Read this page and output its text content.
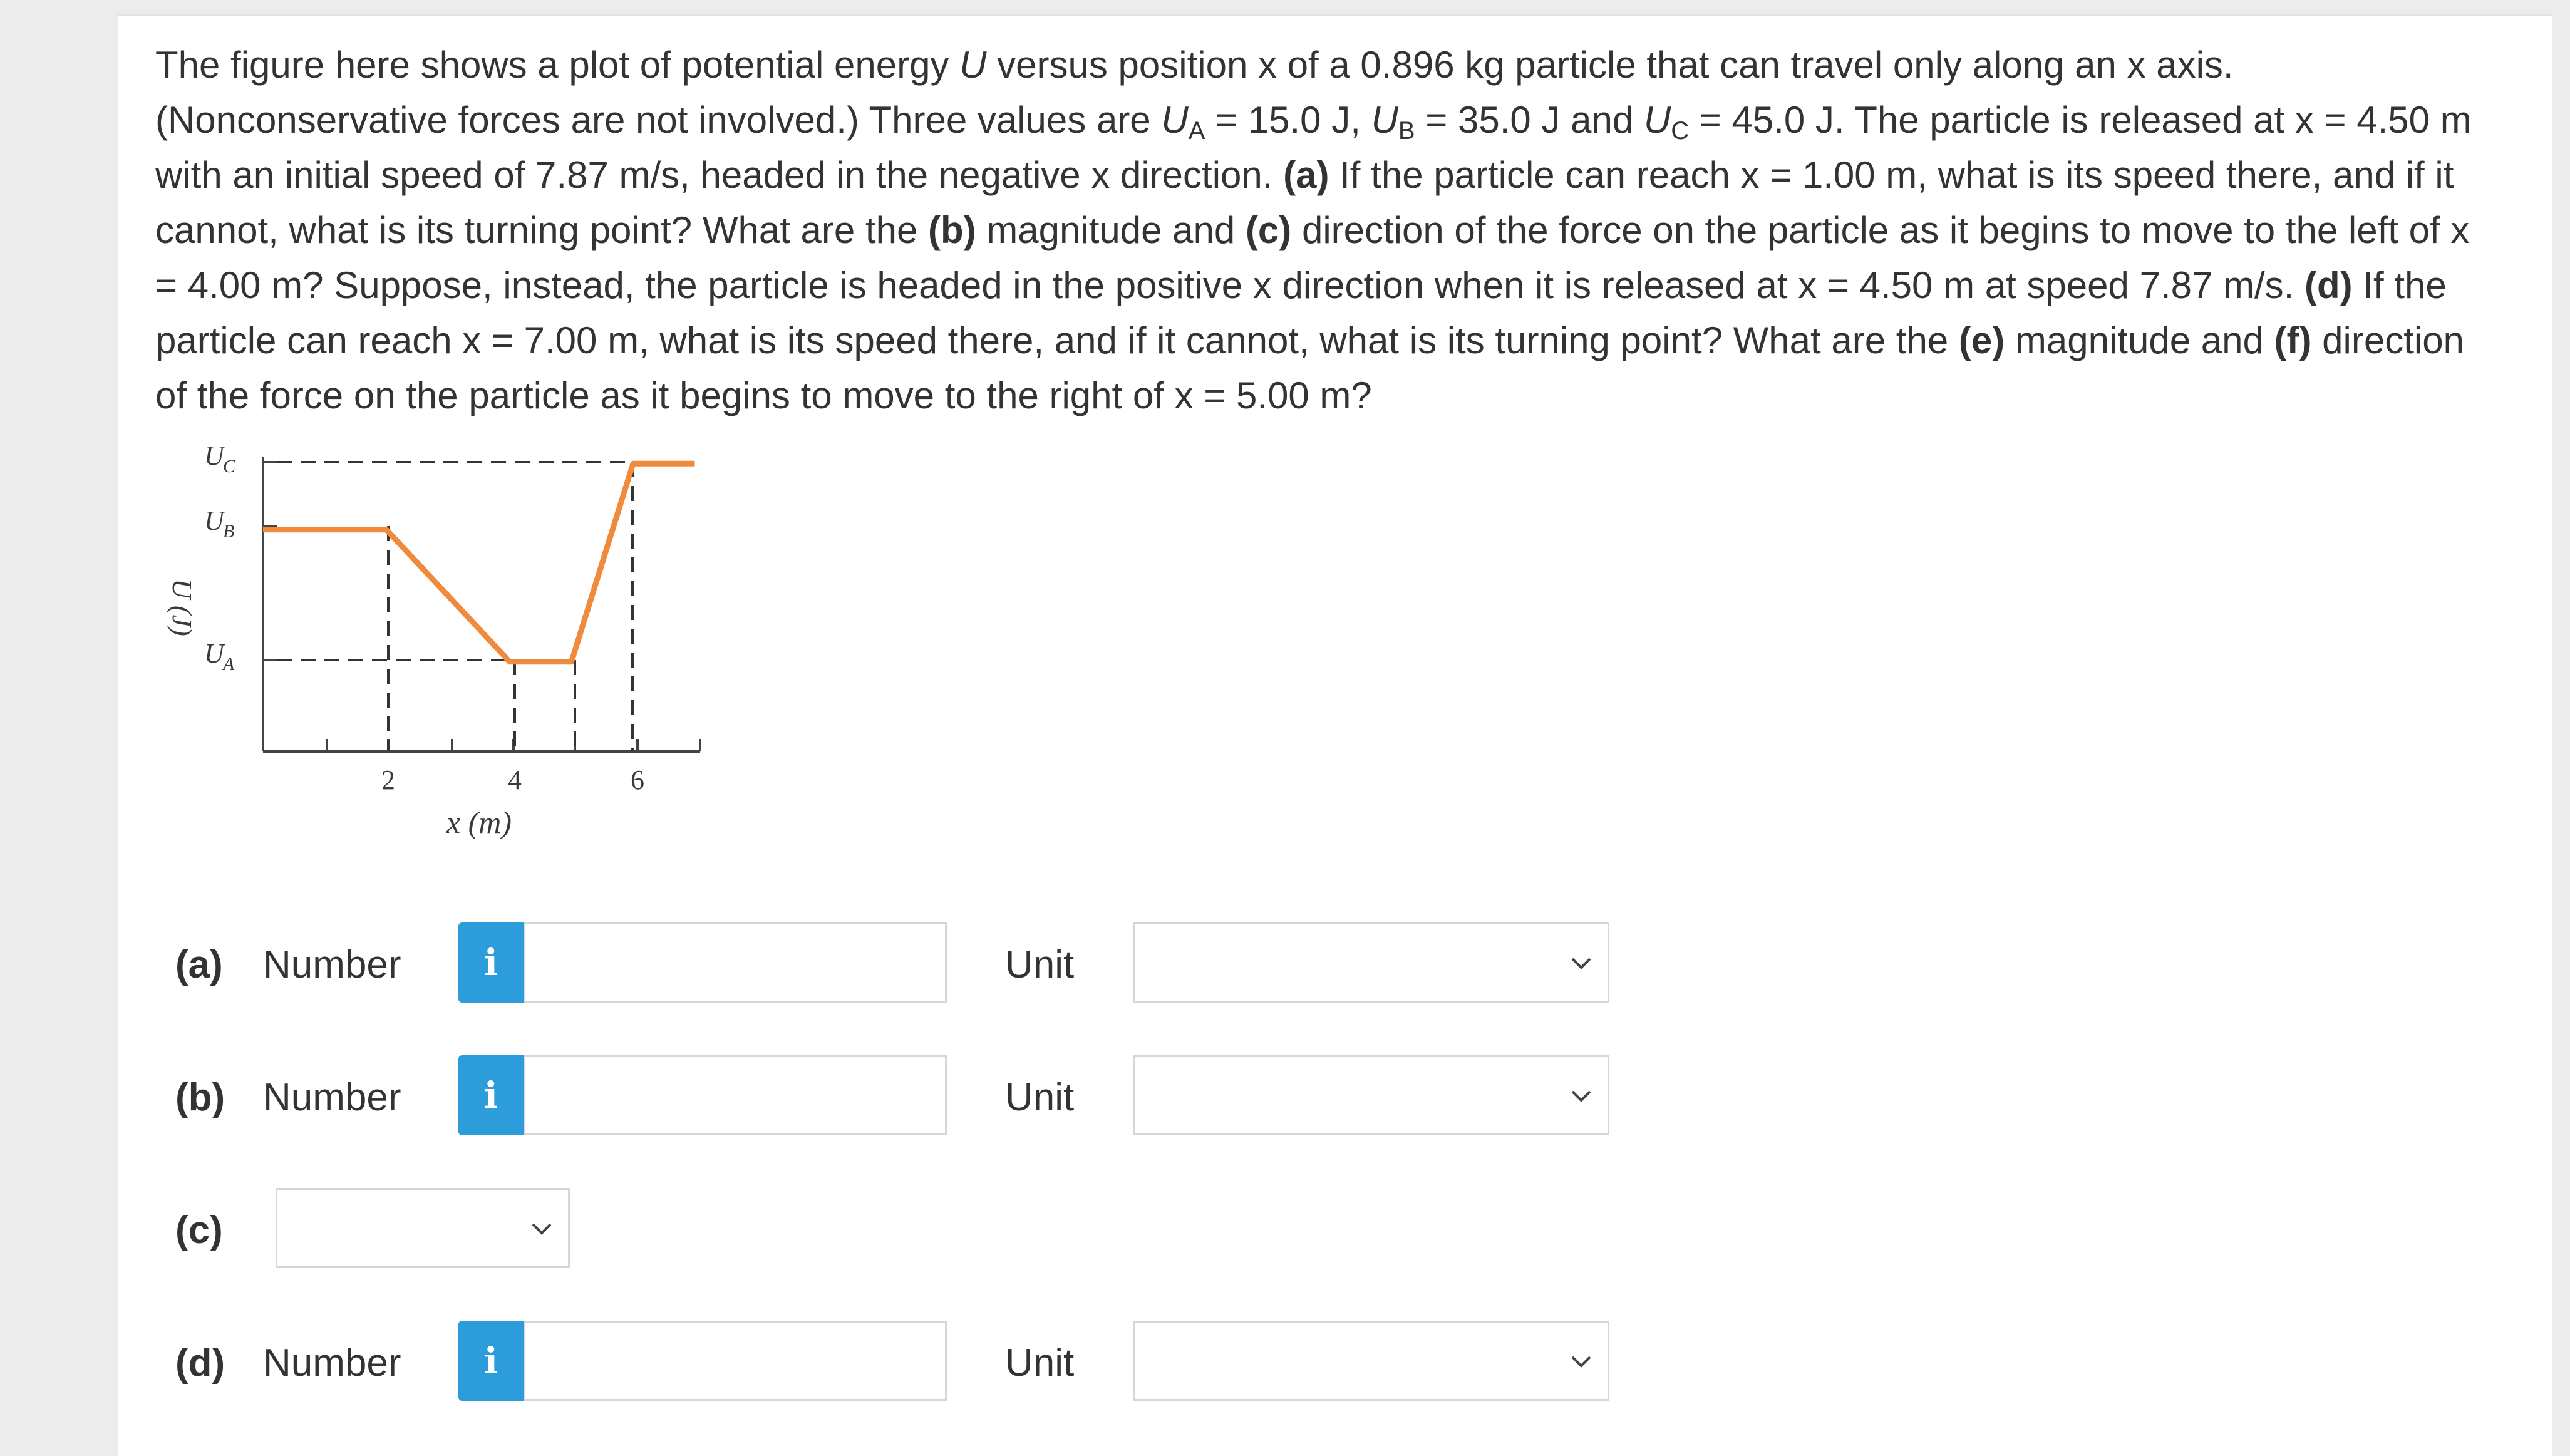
The figure here shows a plot of potential energy U versus position x of a 0.896 kg particle that can travel only along an x axis. (Nonconservative forces are not involved.) Three values are $U_A = 15.0$ J, $U_B = 35.0$ J and $U_C = 45.0$ J. The particle is released at x = 4.50 m with an initial speed of 7.87 m/s, headed in the negative x direction. (a) If the particle can reach x = 1.00 m, what is its speed there, and if it cannot, what is its turning point? What are the (b) magnitude and (c) direction of the force on the particle as it begins to move to the left of x = 4.00 m? Suppose, instead, the particle is headed in the positive x direction when it is released at x = 4.50 m at speed 7.87 m/s. (d) If the particle can reach x = 7.00 m, what is its speed there, and if it cannot, what is its turning point? What are the (e) magnitude and (f) direction of the force on the particle as it begins to move to the right of x = 5.00 m?

U (J)
U
C
U
B
U
A
2	4	6
x (m)
(a) Number	i	Unit
(b) Number	i	Unit
(c)
(d) Number	i	Unit
